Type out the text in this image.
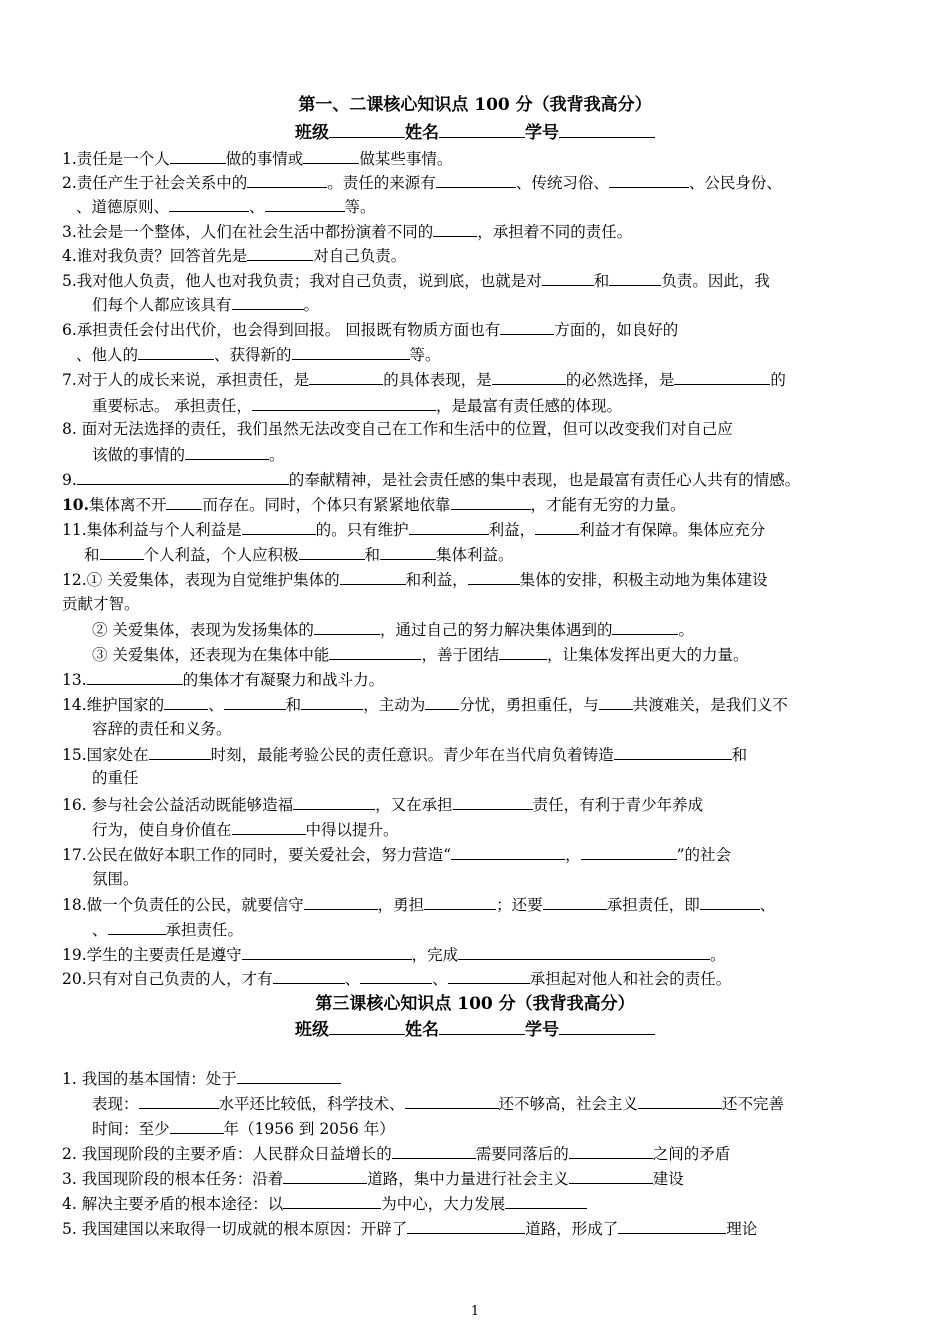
第一、二课核心知识点 100 分（我背我高分）
班级	姓名	学号
1.责任是一个人	做的事情或	做某些事情。
2.责任产生于社会关系中的	。责任的来源有	、传统习俗、	、公民身份、
、道德原则、	、	等。
3.社会是一个整体，人们在社会生活中都扮演着不同的	，承担着不同的责任。
4.谁对我负责？回答首先是	对自己负责。
5.我对他人负责，他人也对我负责；我对自己负责，说到底，也就是对	和	负责。因此，我
们每个人都应该具有	。
6.承担责任会付出代价，也会得到回报。 回报既有物质方面也有	方面的，如良好的
、他人的	、获得新的	等。
7.对于人的成长来说，承担责任，是	的具体表现，是	的必然选择，是	的
重要标志。 承担责任，	，是最富有责任感的体现。
8. 面对无法选择的责任，我们虽然无法改变自己在工作和生活中的位置，但可以改变我们对自己应
该做的事情的	。
9.	的奉献精神，是社会责任感的集中表现，也是最富有责任心人共有的情感。
10.集体离不开 而存在。同时，个体只有紧紧地依靠	，才能有无穷的力量。
11.集体利益与个人利益是	的。只有维护	利益，	利益才有保障。集体应充分
和	个人利益，个人应积极	和	集体利益。
12.① 关爱集体，表现为自觉维护集体的	和利益，	集体的安排，积极主动地为集体建设
贡献才智。
② 关爱集体，表现为发扬集体的	，通过自己的努力解决集体遇到的	。
③ 关爱集体，还表现为在集体中能	，善于团结	，让集体发挥出更大的力量。
13.	的集体才有凝聚力和战斗力。
14.维护国家的	、	和	，主动为 分忧，勇担重任，与 共渡难关，是我们义不
容辞的责任和义务。
15.国家处在	时刻，最能考验公民的责任意识。青少年在当代肩负着铸造	和
的重任
16. 参与社会公益活动既能够造福	，又在承担	责任，有利于青少年养成
行为，使自身价值在	中得以提升。
17.公民在做好本职工作的同时，要关爱社会，努力营造“	，	”的社会
氛围。
18.做一个负责任的公民，就要信守	，勇担	；还要	承担责任，即	、
、	承担责任。
19.学生的主要责任是遵守	，完成	。
20.只有对自己负责的人，才有	、	、	承担起对他人和社会的责任。
第三课核心知识点 100 分（我背我高分）
班级	姓名	学号
1. 我国的基本国情：处于
表现：	水平还比较低，科学技术、	还不够高，社会主义	还不完善
时间：至少	年（1956 到 2056 年）
2. 我国现阶段的主要矛盾：人民群众日益增长的	需要同落后的	之间的矛盾
3. 我国现阶段的根本任务：沿着	道路，集中力量进行社会主义	建设
4. 解决主要矛盾的根本途径：以	为中心，大力发展
5. 我国建国以来取得一切成就的根本原因：开辟了	道路，形成了	理论
1
